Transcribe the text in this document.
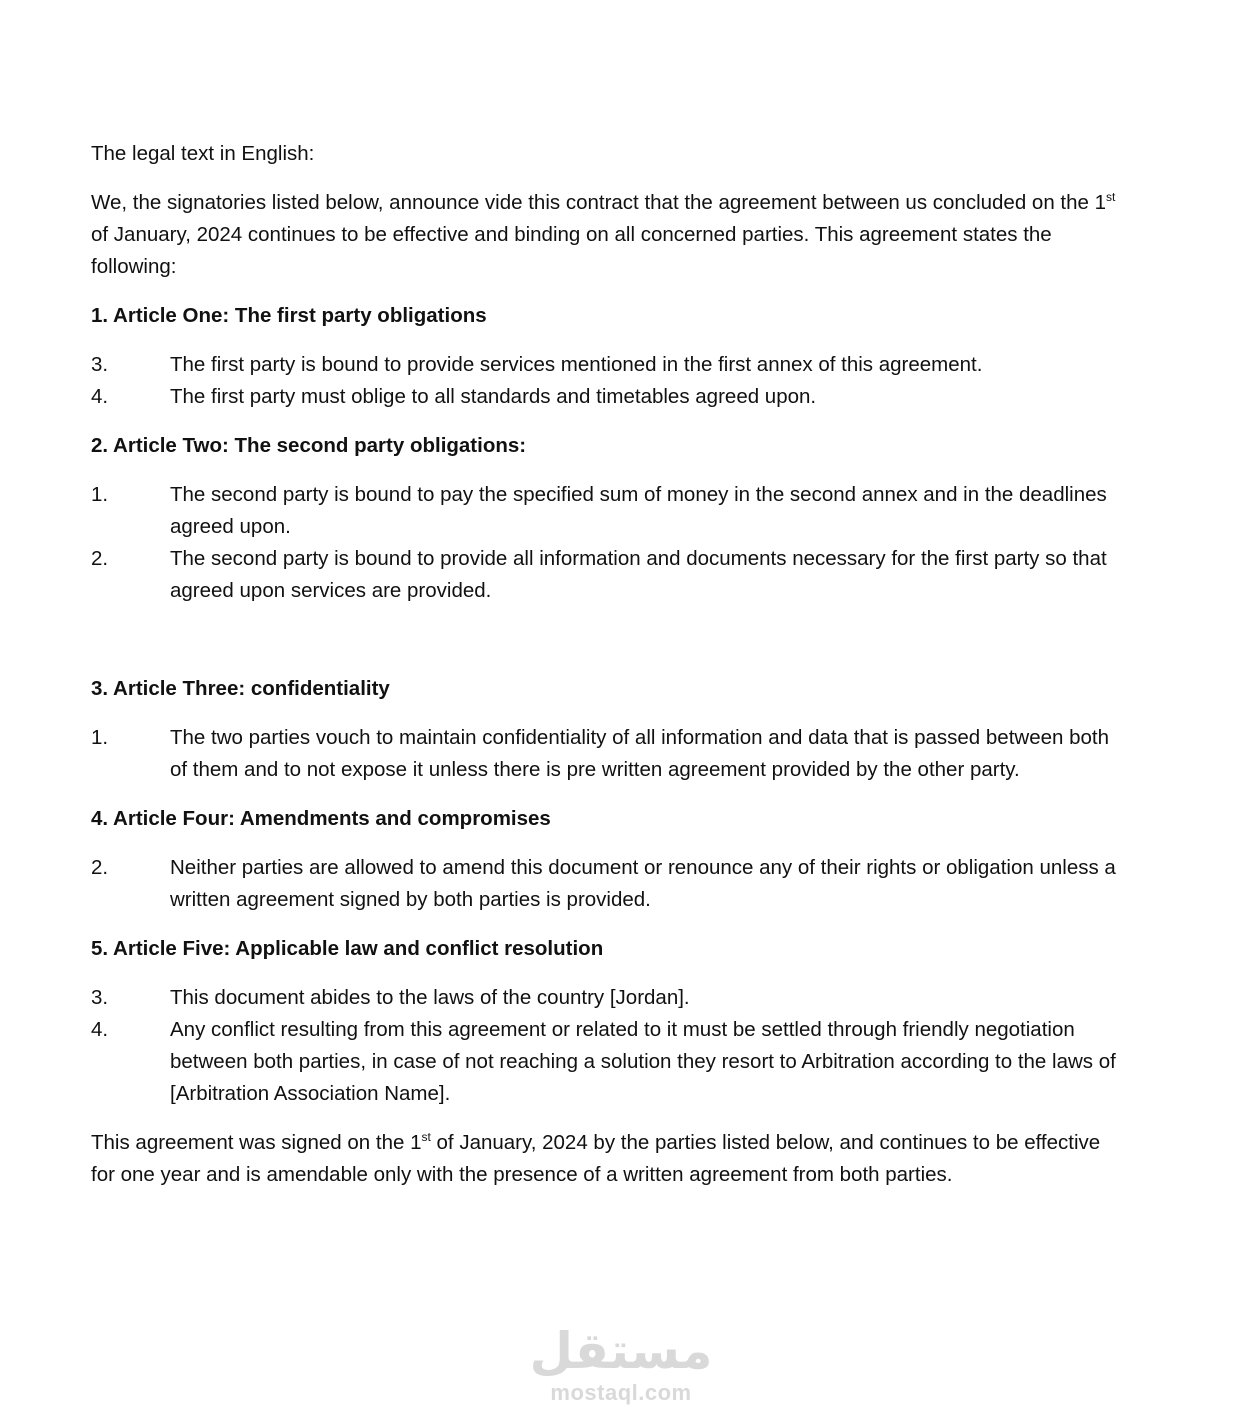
The legal text in English:

We, the signatories listed below, announce vide this contract that the agreement between us concluded on the 1st of January, 2024 continues to be effective and binding on all concerned parties. This agreement states the following:

1. Article One: The first party obligations

3.	The first party is bound to provide services mentioned in the first annex of this agreement.
4.	The first party must oblige to all standards and timetables agreed upon.

2. Article Two: The second party obligations:

1.	The second party is bound to pay the specified sum of money in the second annex and in the deadlines agreed upon.
2.	The second party is bound to provide all information and documents necessary for the first party so that agreed upon services are provided.

3. Article Three: confidentiality

1.	The two parties vouch to maintain confidentiality of all information and data that is passed between both of them and to not expose it unless there is pre written agreement provided by the other party.

4. Article Four: Amendments and compromises

2.	Neither parties are allowed to amend this document or renounce any of their rights or obligation unless a written agreement signed by both parties is provided.

5. Article Five: Applicable law and conflict resolution

3.	This document abides to the laws of the country [Jordan].
4.	Any conflict resulting from this agreement or related to it must be settled through friendly negotiation between both parties, in case of not reaching a solution they resort to Arbitration according to the laws of [Arbitration Association Name].

This agreement was signed on the 1st of January, 2024 by the parties listed below, and continues to be effective for one year and is amendable only with the presence of a written agreement from both parties.

مستقل
mostaql.com
